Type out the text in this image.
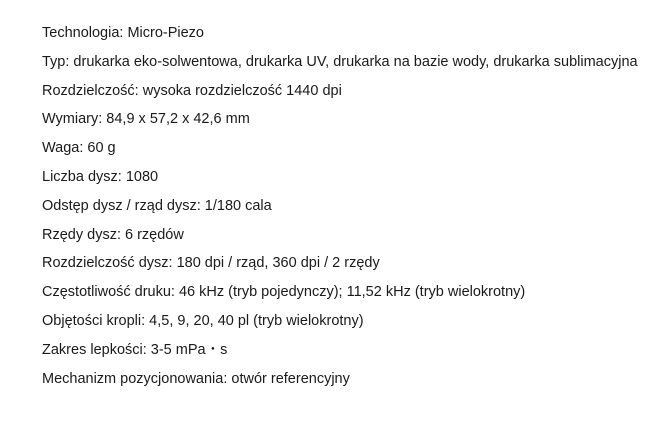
Technologia: Micro-Piezo
Typ: drukarka eko-solwentowa, drukarka UV, drukarka na bazie wody, drukarka sublimacyjna
Rozdzielczość: wysoka rozdzielczość 1440 dpi
Wymiary: 84,9 x 57,2 x 42,6 mm
Waga: 60 g
Liczba dysz: 1080
Odstęp dysz / rząd dysz: 1/180 cala
Rzędy dysz: 6 rzędów
Rozdzielczość dysz: 180 dpi / rząd, 360 dpi / 2 rzędy
Częstotliwość druku: 46 kHz (tryb pojedynczy); 11,52 kHz (tryb wielokrotny)
Objętości kropli: 4,5, 9, 20, 40 pl (tryb wielokrotny)
Zakres lepkości: 3-5 mPa・s
Mechanizm pozycjonowania: otwór referencyjny
